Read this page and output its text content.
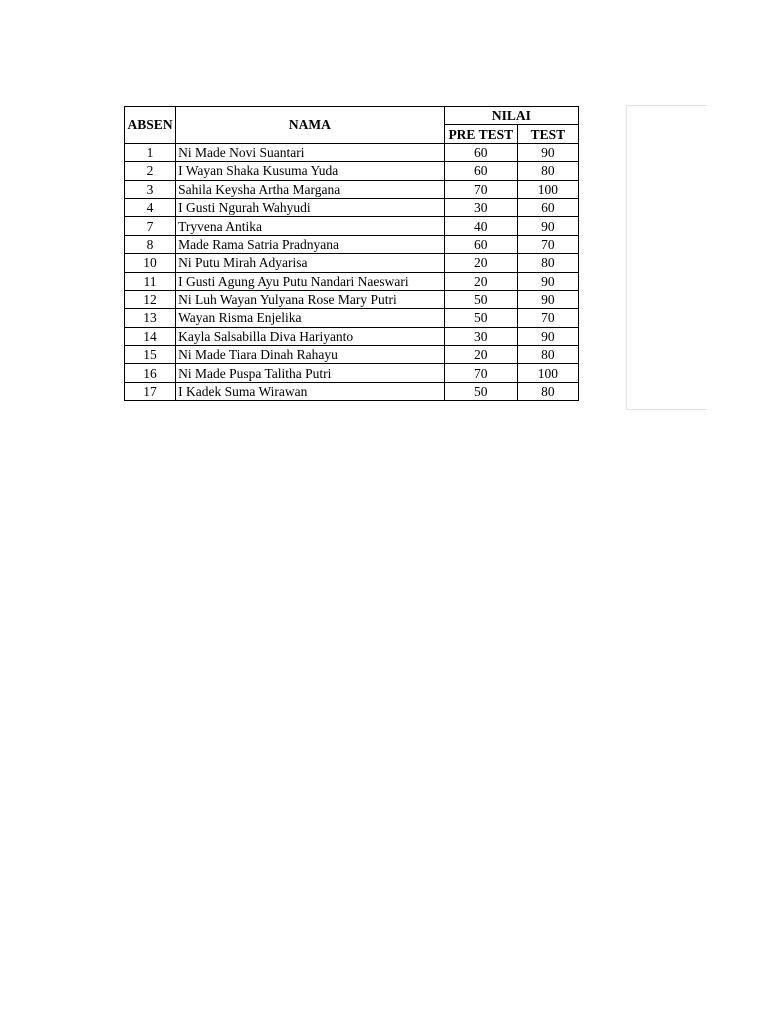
ABSEN	NAMA	NILAI	
		PRE TEST	TEST
1	Ni Made Novi Suantari	60	90
2	I Wayan Shaka Kusuma Yuda	60	80
3	Sahila Keysha Artha Margana	70	100
4	I Gusti Ngurah Wahyudi	30	60
7	Tryvena Antika	40	90
8	Made Rama Satria Pradnyana	60	70
10	Ni Putu Mirah Adyarisa	20	80
11	I Gusti Agung Ayu Putu Nandari Naeswari	20	90
12	Ni Luh Wayan Yulyana Rose Mary Putri	50	90
13	Wayan Risma Enjelika	50	70
14	Kayla Salsabilla Diva Hariyanto	30	90
15	Ni Made Tiara Dinah Rahayu	20	80
16	Ni Made Puspa Talitha Putri	70	100
17	I Kadek Suma Wirawan	50	80
